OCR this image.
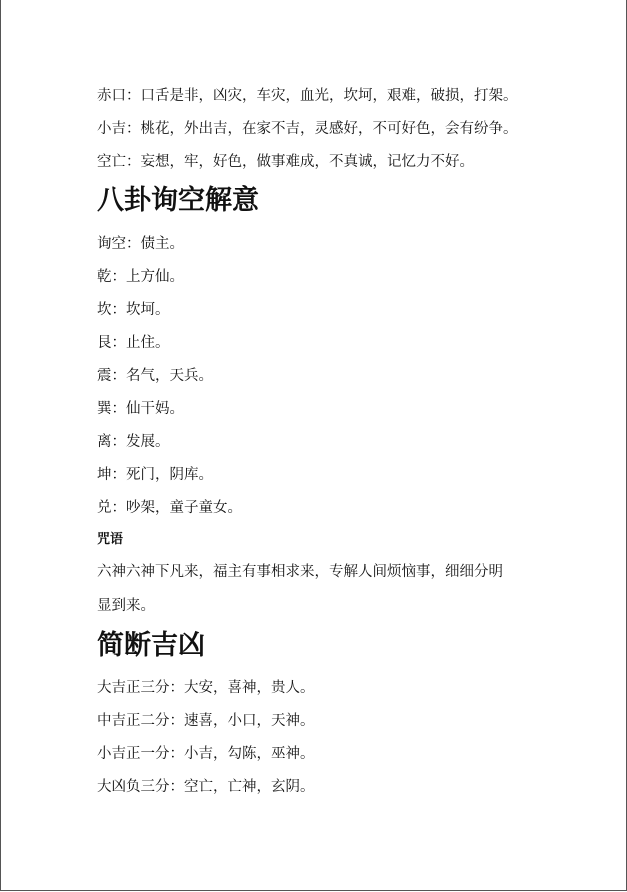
赤口：口舌是非，凶灾，车灾，血光，坎坷，艰难，破损，打架。
小吉：桃花，外出吉，在家不吉，灵感好，不可好色，会有纷争。
空亡：妄想，牢，好色，做事难成，不真诚，记忆力不好。
八卦询空解意
询空：债主。
乾：上方仙。
坎：坎坷。
艮：止住。
震：名气，天兵。
巽：仙干妈。
离：发展。
坤：死门，阴库。
兑：吵架，童子童女。
咒语
六神六神下凡来，福主有事相求来，专解人间烦恼事，细细分明
显到来。
简断吉凶
大吉正三分：大安，喜神，贵人。
中吉正二分：速喜，小口，天神。
小吉正一分：小吉，勾陈，巫神。
大凶负三分：空亡，亡神，玄阴。
